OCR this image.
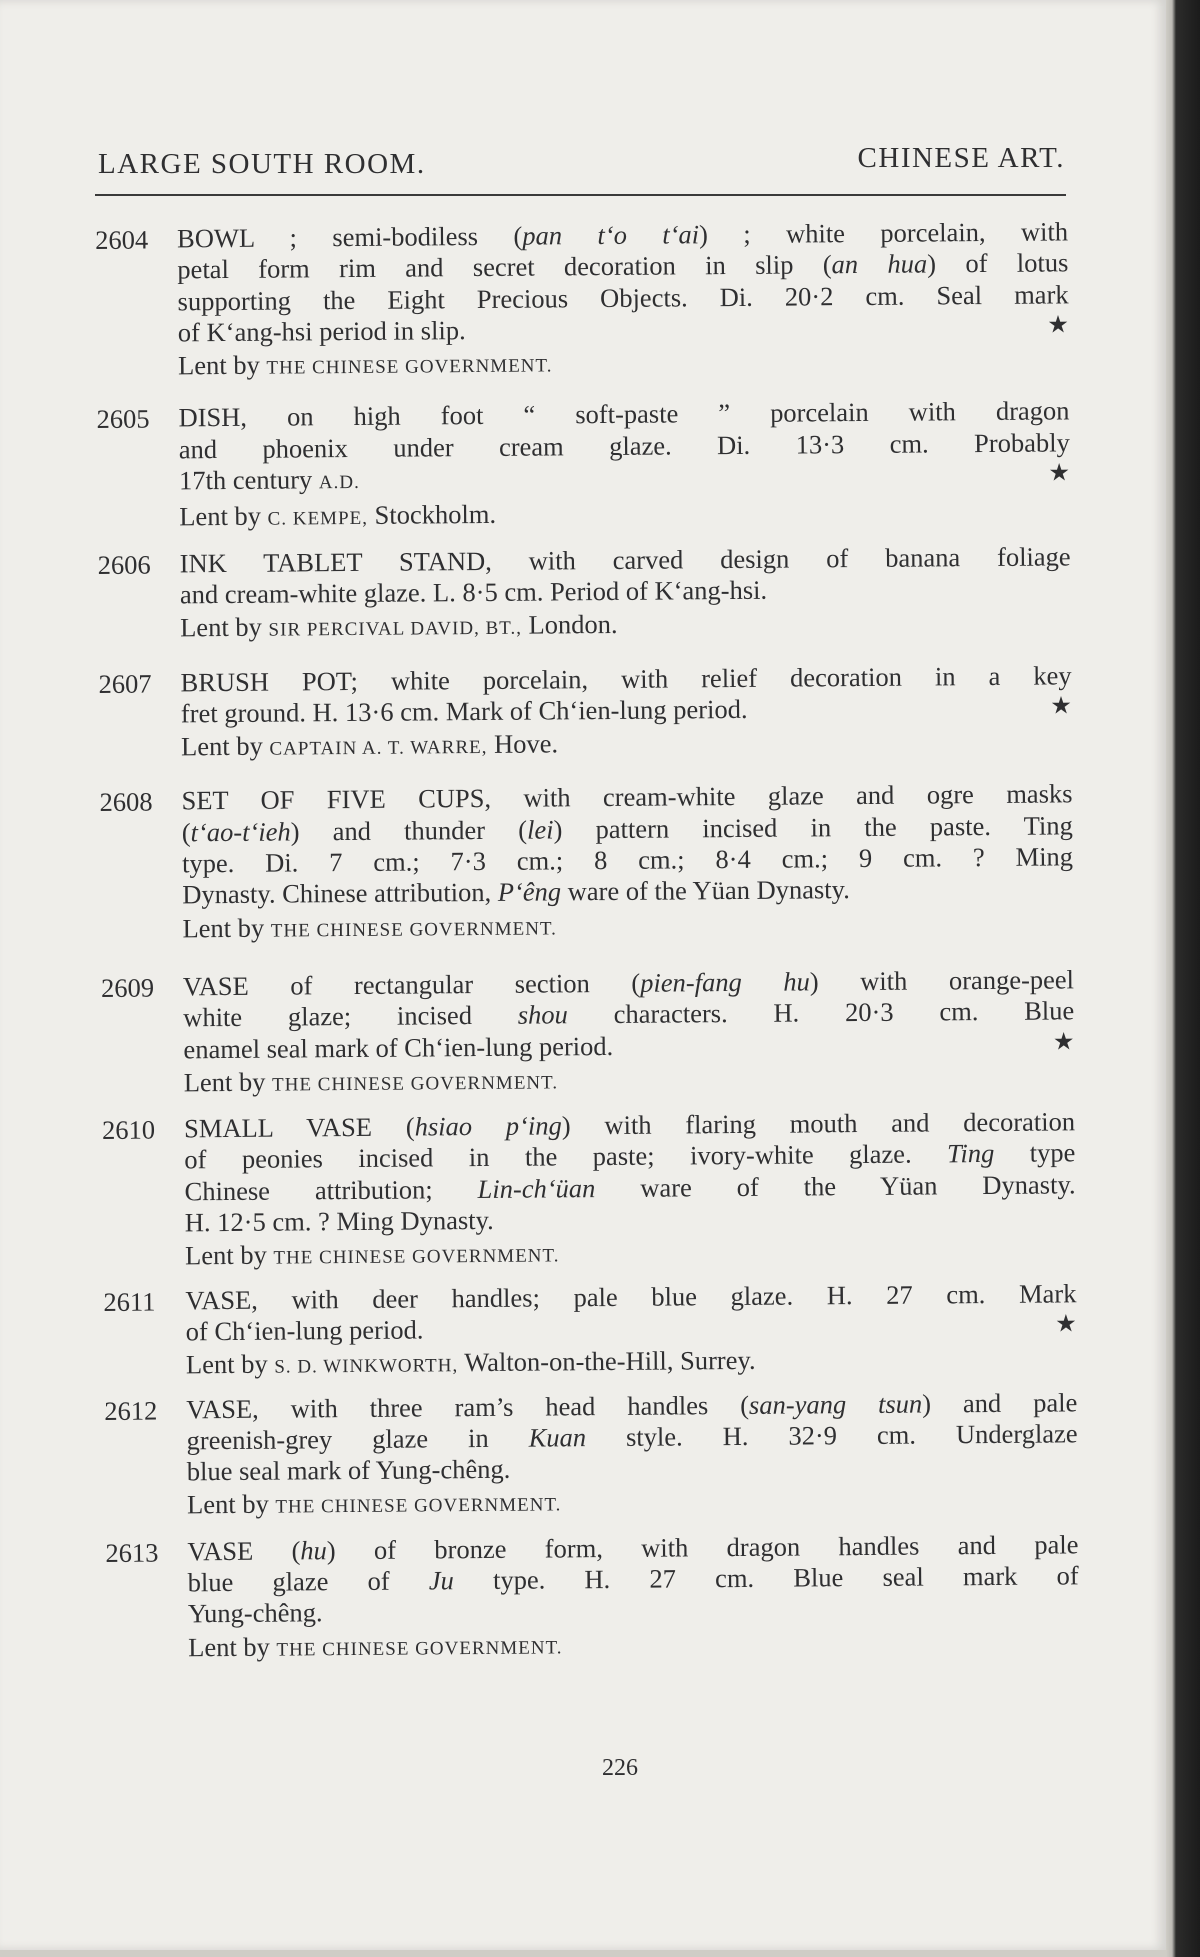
LARGE SOUTH ROOM.	CHINESE ART.
2604	BOWL ; semi-bodiless (pan t‘o t‘ai) ; white porcelain, with
petal form rim and secret decoration in slip (an hua) of lotus
supporting the Eight Precious Objects. Di. 20·2 cm. Seal mark
★
of K‘ang-hsi period in slip.
Lent by THE CHINESE GOVERNMENT.
2605	DISH, on high foot “ soft-paste ” porcelain with dragon
and phoenix under cream glaze. Di. 13·3 cm. Probably
★
17th century A.D.
Lent by C. KEMPE, Stockholm.
2606	INK TABLET STAND, with carved design of banana foliage
and cream-white glaze. L. 8·5 cm. Period of K‘ang-hsi.
Lent by SIR PERCIVAL DAVID, BT., London.
2607	BRUSH POT; white porcelain, with relief decoration in a key
★
fret ground. H. 13·6 cm. Mark of Ch‘ien-lung period.
Lent by CAPTAIN A. T. WARRE, Hove.
2608	SET OF FIVE CUPS, with cream-white glaze and ogre masks
(t‘ao-t‘ieh) and thunder (lei) pattern incised in the paste. Ting
type. Di. 7 cm.; 7·3 cm.; 8 cm.; 8·4 cm.; 9 cm. ? Ming
Dynasty. Chinese attribution, P‘êng ware of the Yüan Dynasty.
Lent by THE CHINESE GOVERNMENT.
2609	VASE of rectangular section (pien-fang hu) with orange-peel
white glaze; incised shou characters. H. 20·3 cm. Blue
★
enamel seal mark of Ch‘ien-lung period.
Lent by THE CHINESE GOVERNMENT.
2610	SMALL VASE (hsiao p‘ing) with flaring mouth and decoration
of peonies incised in the paste; ivory-white glaze. Ting type
Chinese attribution; Lin-ch‘üan ware of the Yüan Dynasty.
H. 12·5 cm. ? Ming Dynasty.
Lent by THE CHINESE GOVERNMENT.
2611	VASE, with deer handles; pale blue glaze. H. 27 cm. Mark
★
of Ch‘ien-lung period.
Lent by S. D. WINKWORTH, Walton-on-the-Hill, Surrey.
2612	VASE, with three ram’s head handles (san-yang tsun) and pale
greenish-grey glaze in Kuan style. H. 32·9 cm. Underglaze
blue seal mark of Yung-chêng.
Lent by THE CHINESE GOVERNMENT.
2613	VASE (hu) of bronze form, with dragon handles and pale
blue glaze of Ju type. H. 27 cm. Blue seal mark of
Yung-chêng.
Lent by THE CHINESE GOVERNMENT.
226
